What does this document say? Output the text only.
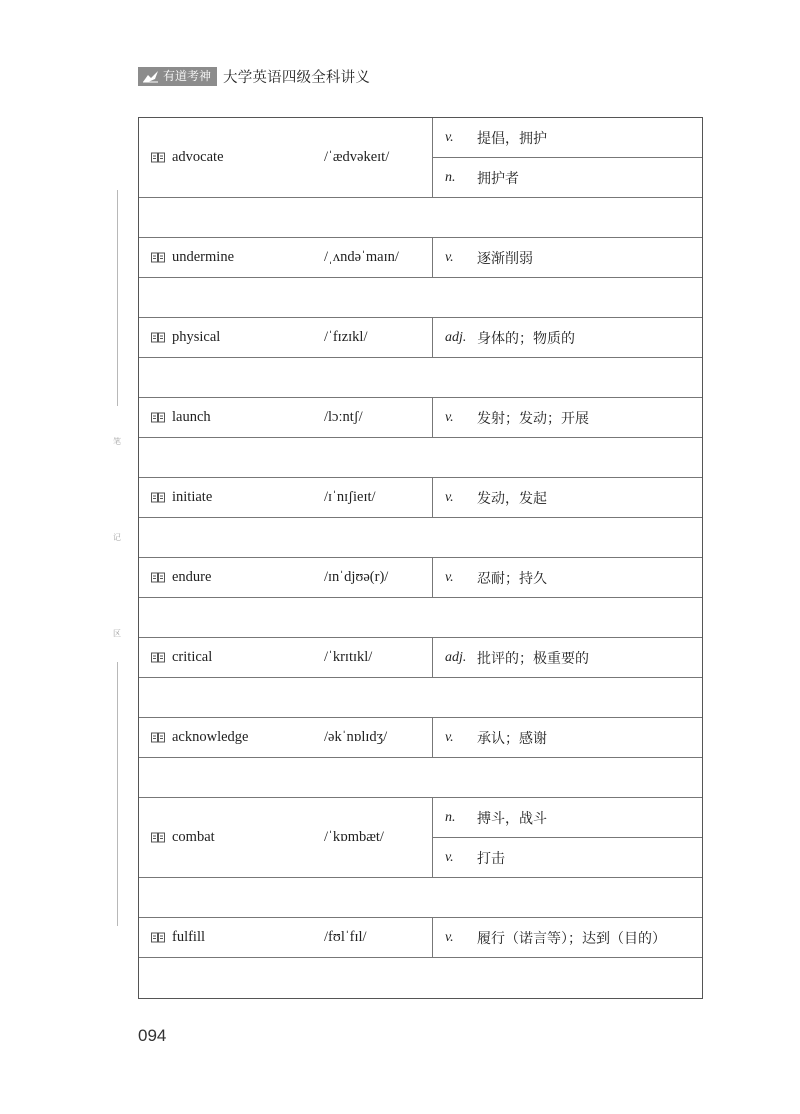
有道考神 大学英语四级全科讲义
笔
记
区
advocate	/ˈædvəkeɪt/
v.	提倡，拥护
n.	拥护者
undermine	/ˌʌndəˈmaɪn/	v.	逐渐削弱
physical	/ˈfɪzɪkl/	adj. 身体的；物质的
launch	/lɔːntʃ/	v.	发射；发动；开展
initiate	/ɪˈnɪʃieɪt/	v.	发动，发起
endure	/ɪnˈdjʊə(r)/	v.	忍耐；持久
critical	/ˈkrɪtɪkl/	adj. 批评的；极重要的
acknowledge	/əkˈnɒlɪdʒ/	v.	承认；感谢
combat	/ˈkɒmbæt/
n.	搏斗，战斗
v.	打击
fulfill	/fʊlˈfɪl/	v.	履行（诺言等）；达到（目的）
094
